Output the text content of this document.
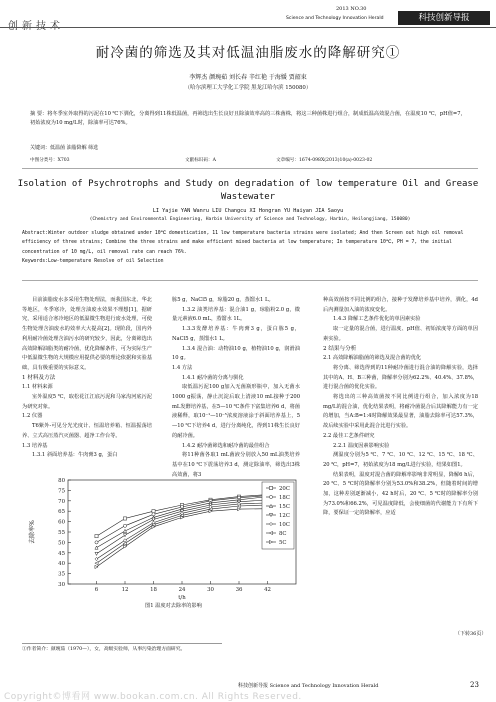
2013 NO.30
Science and Technology Innovation Herald	科技创新导报
耐冷菌的筛选及其对低温油脂废水的降解研究①
李辉杰 颜琬茹 刘长春 辛红艳 于海媛 贾韶束
（哈尔滨理工大学化工学院 黑龙江哈尔滨 150080）
摘 要：将冬季室外取得的污泥在10 ℃下驯化，分离得到11株低温菌，再筛选出生长良好且除油效率高的三株菌株，将这三种菌株进行组合，制成低温高效混合菌，在温度10 ℃，pH值=7，初始浓度为10 mg/L时，除油率可达76%。
关键词：低温菌 油脂降解 筛选
中图分类号：X703	文献标识码：A	文章编号：1674-098X(2013)10(a)-0023-02
Isolation of Psychrotrophs and Study on degradation of low temperature Oil and Grease Wastewater
LI Yajie YAN Wanru LIU Changcu XI Hongran YU Haiyan JIA Saoyu
(Chemistry and Environmental Engineering, Harbin University of Science and Technology, Harbin, Heilongjiang, 150080)
Abstract:Winter outdoor sludge obtained under 10℃ domestication, 11 low temperature bacteria strains were isolated; And then Screen out high oil removal efficiency of three strains; Combine the three strains and make efficient mixed bacteria at low temperature; In temperature 10℃, PH = 7, the initial concentration of 10 mg/L, oil removal rate can reach 76%.
Keywords:Low-temperature Resolve of oil Selection

目前油脂废水多采用生物处理法，而我国东北、华北等地区，冬季寒冷，处理含油废水效果不理想[1]，据研究，采用适合寒冷地区的低温微生物进行废水处理，可使生物处理含油废水的效率大大提高[2]。现阶段，国内外利用耐冷菌处理含油污水的研究较少，因此，分离筛选出高效降解油脂类的耐冷菌，优化降解条件，可为实际生产中低温微生物的大规模应用提供必要的理论依据和实验基础，具有极重要的实际意义。

1 材料及方法

1.1 材料来源

室外温度5 ℃，取松花江江底污泥和马家沟河底污泥为研究对象。

1.2 仪器

T6紫外-可见分光光度计、恒温培养箱、恒温振荡培养、立式高压蒸汽灭菌器、超净工作台等。

1.3 培养基

1.3.1 斜面培养基：牛肉膏3 g，蛋白

胨5 g，NaCl5 g，琼脂20 g，蒸馏水1 L。

1.3.2 油类培养基：混合油1 g，琼脂粉2.0 g，微量元素液6.0 mL，蒸馏水 1L。

1.3.3发酵培养基：牛肉膏3 g，蛋白胨5 g，NaCl5 g，蒸馏水1 L。

1.3.4 混合油：动物油10 g，植物油10 g，润滑油10 g。

1.4 方法

1.4.1 耐冷菌的分离与驯化

取低温污泥100 g加入无菌瓶形瓶中，加入无菌水1000 g振荡，静止沉淀后取上清液10 mL接种于200 mL发酵培养基，在5—10 ℃条件下富集培养6 d，将菌液稀释，取10⁻¹—10⁻⁵浓度溶液涂于斜面培养基上，5—10 ℃下培养4 d，进行分离纯化，得到11株生长良好的耐冷菌。

1.4.2 耐冷菌筛选和耐冷菌的最佳组合

将11种菌各取1 mL菌液分别放入50 mL油类培养基中在10 ℃下震荡培养3 d，测定除油率，筛选出3株高效菌，将3

种高效菌按不同比例的组合，接种于发酵培养基中培养，驯化，4d 后内测量加入油的浓度变化。

1.4.3 降解工艺条件优化的单因素实验

取一定量的混合菌，进行温度、pH值、初始浓度等方面的单因素实验。

2 结果与分析

2.1 高效降解油脂菌的筛选及混合菌的优化

将分离、筛选得到的11种耐冷菌进行混合油的降解实验，选择其中的A、H、B三种菌，降解率分别为62.2%、40.4%、37.8%，进行混合菌的优化实验。

将选出的三种高效菌按不同比例进行组合，加入浓度为18 mg/L的混合油，优化结果表明，将耐冷菌混合后其降解能力有一定的增加，当A:B=1:4时降解效果最显著，油脂去除率可达57.3%，故后续实验中采用此混合比进行实验。

2.2 最佳工艺条件研究

2.2.1 温度因素影响实验

测温度分别为5 ℃、7 ℃、10 ℃、12 ℃、15 ℃、18 ℃、20 ℃，pH=7，初始浓度为18 mg/L进行实验，结果如图1。

结果表明，温度对混合菌的降解率影响非常明显，降解6 h后，20 ℃、5 ℃时的降解率分别为53.0%和38.2%，但随着时间的增加，这种差别逐渐减小，42 h时后，20 ℃、5 ℃时的降解率分别为73.0%和66.2%，可见温度降低，会使细菌的代谢能力下有所下降，要保证一定的降解率，应适

30
35
40
45
50
55
60
65
70
75
80
6	12	18	24	30	36	42
t/h
去除率%
20C
18C
15C
12C
10C
8C
5C
图1 温度对去除率的影响
（下转36页）
①作者简介：颜琬茹（1970—），女，高级实验师，从事污染治理方面研究。
科技创新导报 Science and Technology Innovation Herald	23
Copyright©博看网 www.bookan.com.cn. All Rights Reserved.
